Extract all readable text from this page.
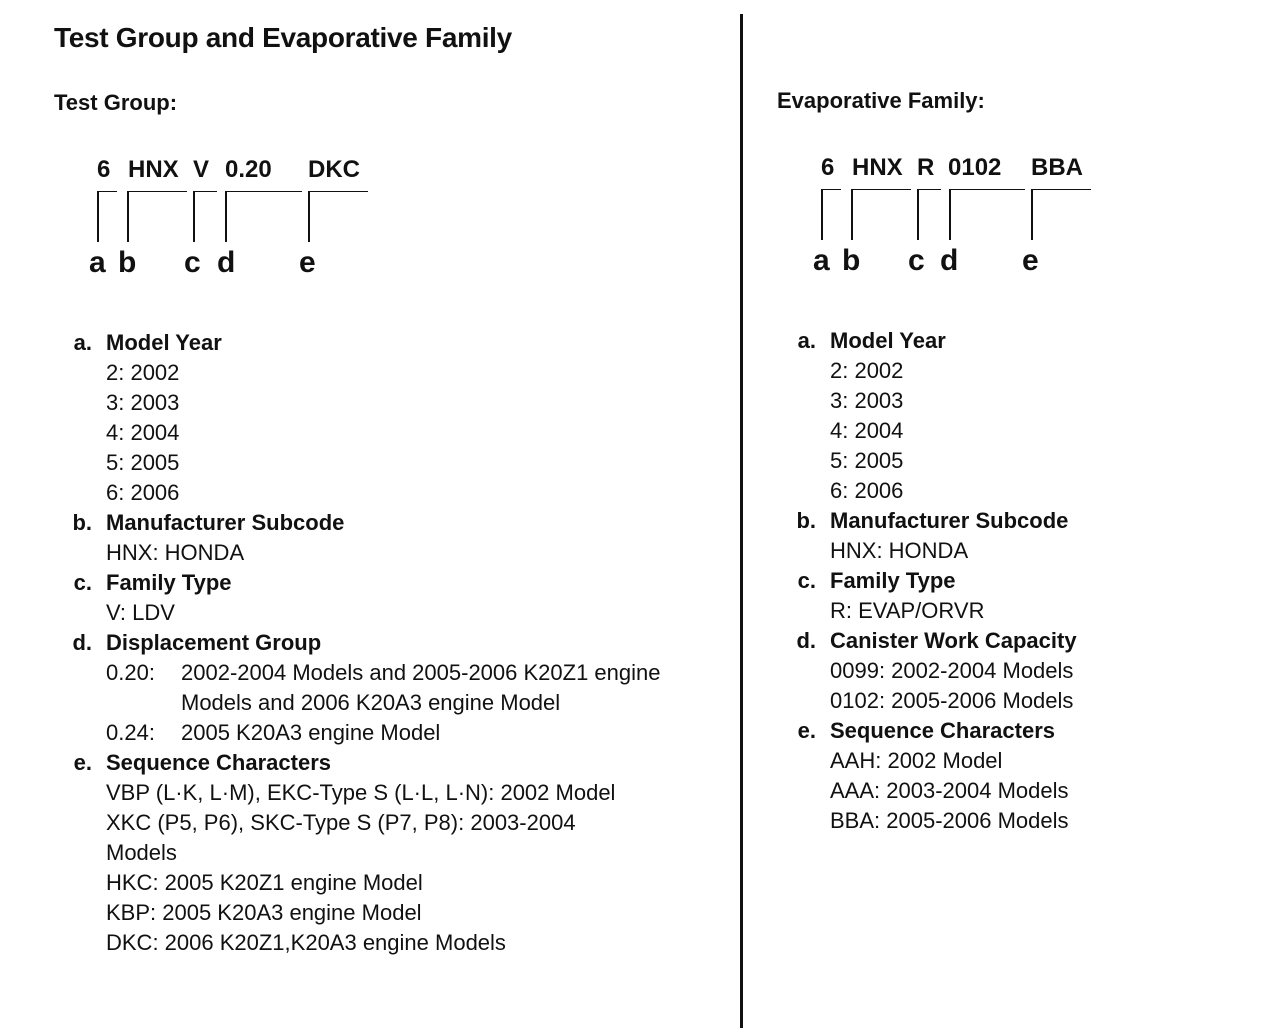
Test Group and Evaporative Family
Test Group:
6 HNX V 0.20 DKC
a b c d e
a. Model Year
2: 2002
3: 2003
4: 2004
5: 2005
6: 2006
b. Manufacturer Subcode
HNX: HONDA
c. Family Type
V: LDV
d. Displacement Group
0.20:	2002-2004 Models and 2005-2006 K20Z1 engine Models and 2006 K20A3 engine Model
0.24:	2005 K20A3 engine Model
e. Sequence Characters
VBP (L·K, L·M), EKC-Type S (L·L, L·N): 2002 Model
XKC (P5, P6), SKC-Type S (P7, P8): 2003-2004
Models
HKC: 2005 K20Z1 engine Model
KBP: 2005 K20A3 engine Model
DKC: 2006 K20Z1,K20A3 engine Models
Evaporative Family:
6 HNX R 0102 BBA
a b c d e
a. Model Year
2: 2002
3: 2003
4: 2004
5: 2005
6: 2006
b. Manufacturer Subcode
HNX: HONDA
c. Family Type
R: EVAP/ORVR
d. Canister Work Capacity
0099: 2002-2004 Models
0102: 2005-2006 Models
e. Sequence Characters
AAH: 2002 Model
AAA: 2003-2004 Models
BBA: 2005-2006 Models
